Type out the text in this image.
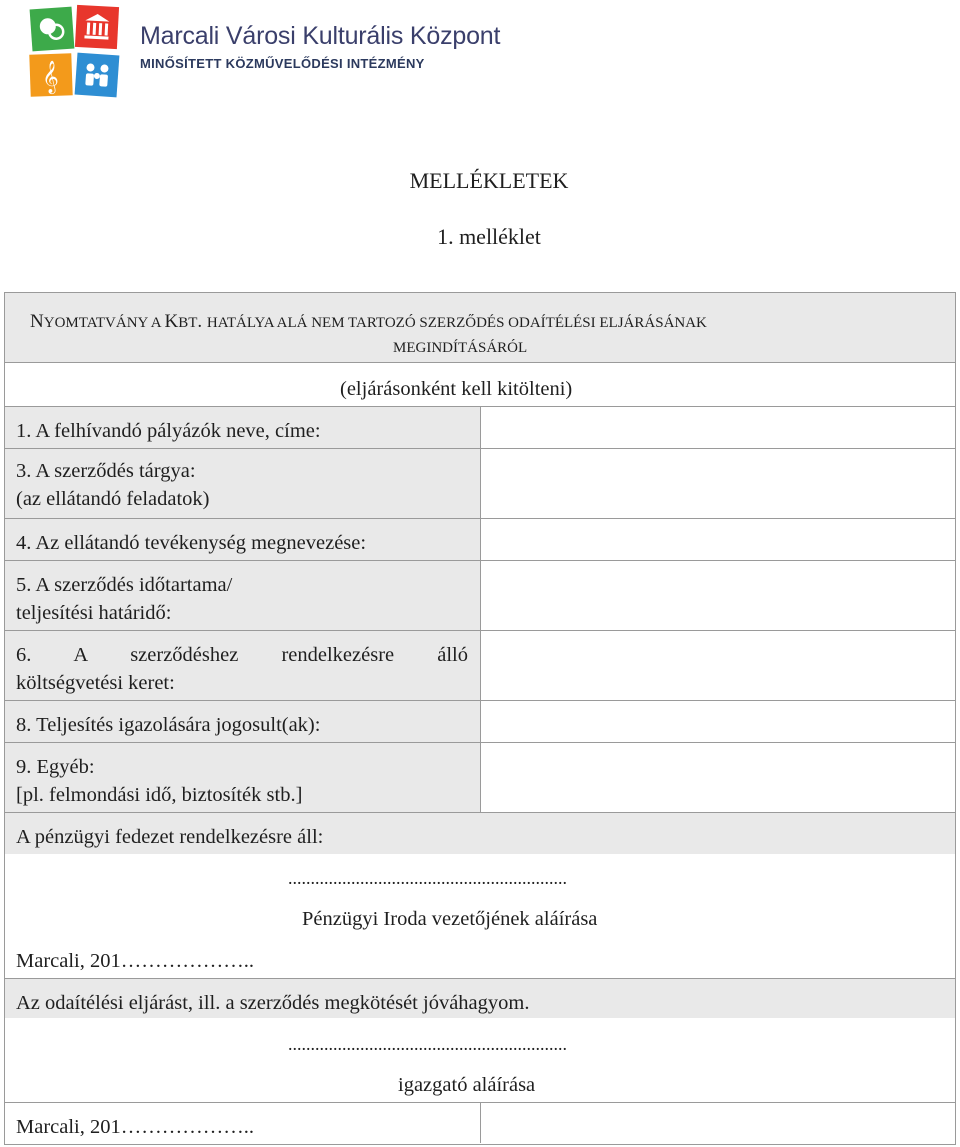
𝄞
Marcali Városi Kulturális Központ
MINŐSÍTETT KÖZMŰVELŐDÉSI INTÉZMÉNY
MELLÉKLETEK
1. melléklet
NYOMTATVÁNY A KBT. HATÁLYA ALÁ NEM TARTOZÓ SZERZŐDÉS ODAÍTÉLÉSI ELJÁRÁSÁNAK
MEGINDÍTÁSÁRÓL
(eljárásonként kell kitölteni)
1. A felhívandó pályázók neve, címe:
3. A szerződés tárgya:
(az ellátandó feladatok)
4. Az ellátandó tevékenység megnevezése:
5. A szerződés időtartama/
teljesítési határidő:
6. A szerződéshez rendelkezésre álló
költségvetési keret:
8. Teljesítés igazolására jogosult(ak):
9. Egyéb:
[pl. felmondási idő, biztosíték stb.]
A pénzügyi fedezet rendelkezésre áll:
..............................................................
Pénzügyi Iroda vezetőjének aláírása
Marcali, 201………………..
Az odaítélési eljárást, ill. a szerződés megkötését jóváhagyom.
..............................................................
igazgató aláírása
Marcali, 201………………..
